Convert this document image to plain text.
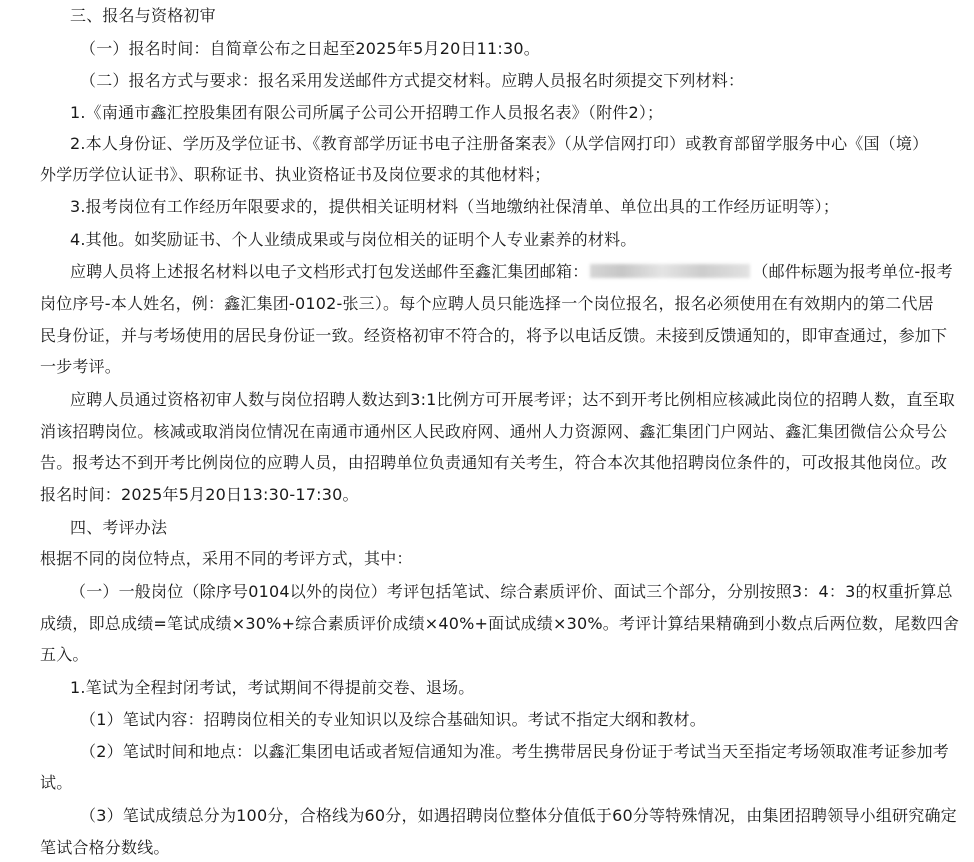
三、报名与资格初审
（一）报名时间：自简章公布之日起至2025年5月20日11:30。
（二）报名方式与要求：报名采用发送邮件方式提交材料。应聘人员报名时须提交下列材料：
1.《南通市鑫汇控股集团有限公司所属子公司公开招聘工作人员报名表》（附件2）；
2.本人身份证、学历及学位证书、《教育部学历证书电子注册备案表》（从学信网打印）或教育部留学服务中心《国（境）
外学历学位认证书》、职称证书、执业资格证书及岗位要求的其他材料；
3.报考岗位有工作经历年限要求的，提供相关证明材料（当地缴纳社保清单、单位出具的工作经历证明等）；
4.其他。如奖励证书、个人业绩成果或与岗位相关的证明个人专业素养的材料。
应聘人员将上述报名材料以电子文档形式打包发送邮件至鑫汇集团邮箱：	（邮件标题为报考单位-报考
岗位序号-本人姓名，例：鑫汇集团-0102-张三）。每个应聘人员只能选择一个岗位报名，报名必须使用在有效期内的第二代居
民身份证，并与考场使用的居民身份证一致。经资格初审不符合的，将予以电话反馈。未接到反馈通知的，即审查通过，参加下
一步考评。
应聘人员通过资格初审人数与岗位招聘人数达到3:1比例方可开展考评；达不到开考比例相应核减此岗位的招聘人数，直至取
消该招聘岗位。核减或取消岗位情况在南通市通州区人民政府网、通州人力资源网、鑫汇集团门户网站、鑫汇集团微信公众号公
告。报考达不到开考比例岗位的应聘人员，由招聘单位负责通知有关考生，符合本次其他招聘岗位条件的，可改报其他岗位。改
报名时间：2025年5月20日13:30-17:30。
四、考评办法
根据不同的岗位特点，采用不同的考评方式，其中：
（一）一般岗位（除序号0104以外的岗位）考评包括笔试、综合素质评价、面试三个部分，分别按照3：4：3的权重折算总
成绩，即总成绩=笔试成绩×30%+综合素质评价成绩×40%+面试成绩×30%。考评计算结果精确到小数点后两位数，尾数四舍
五入。
1.笔试为全程封闭考试，考试期间不得提前交卷、退场。
（1）笔试内容：招聘岗位相关的专业知识以及综合基础知识。考试不指定大纲和教材。
（2）笔试时间和地点：以鑫汇集团电话或者短信通知为准。考生携带居民身份证于考试当天至指定考场领取准考证参加考
试。
（3）笔试成绩总分为100分，合格线为60分，如遇招聘岗位整体分值低于60分等特殊情况，由集团招聘领导小组研究确定
笔试合格分数线。
